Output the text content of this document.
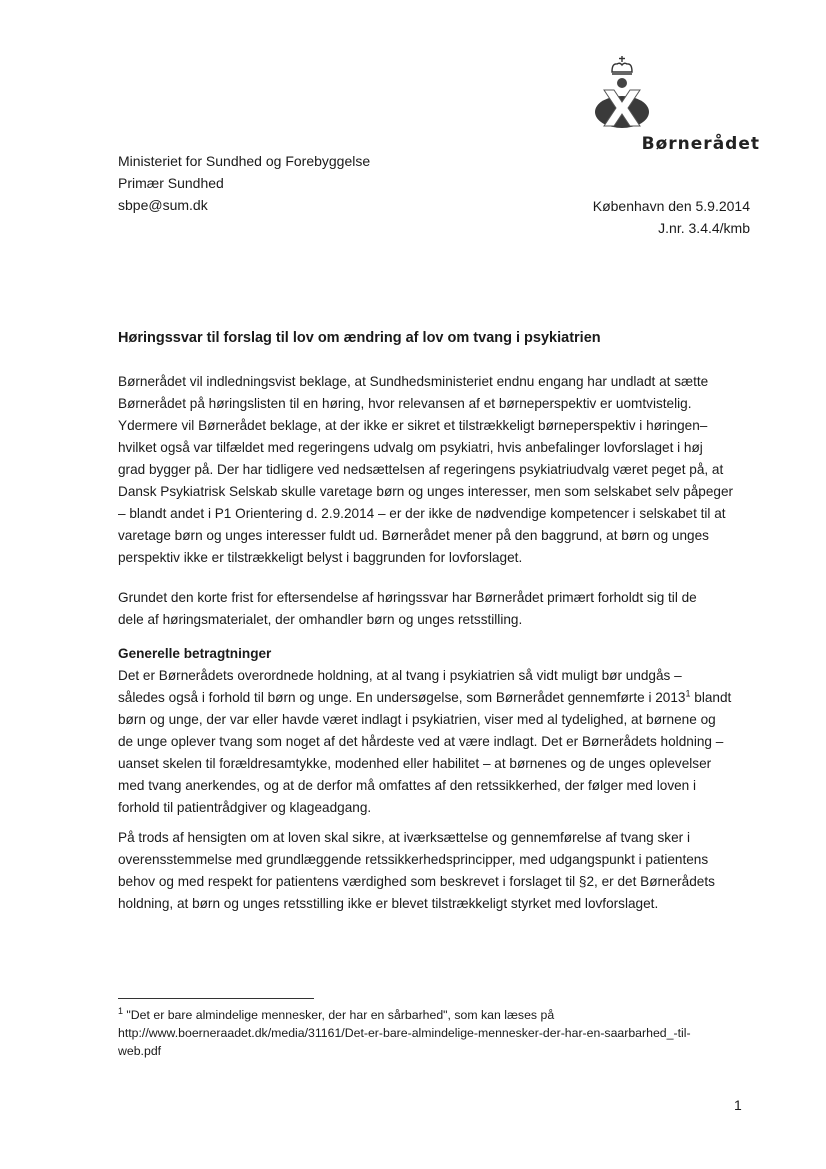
Børnerådet
Ministeriet for Sundhed og Forebyggelse
Primær Sundhed
sbpe@sum.dk	København den 5.9.2014
J.nr. 3.4.4/kmb
Høringssvar til forslag til lov om ændring af lov om tvang i psykiatrien
Børnerådet vil indledningsvist beklage, at Sundhedsministeriet endnu engang har undladt at sætte
Børnerådet på høringslisten til en høring, hvor relevansen af et børneperspektiv er uomtvistelig.
Ydermere vil Børnerådet beklage, at der ikke er sikret et tilstrækkeligt børneperspektiv i høringen–
hvilket også var tilfældet med regeringens udvalg om psykiatri, hvis anbefalinger lovforslaget i høj
grad bygger på. Der har tidligere ved nedsættelsen af regeringens psykiatriudvalg været peget på, at
Dansk Psykiatrisk Selskab skulle varetage børn og unges interesser, men som selskabet selv påpeger
– blandt andet i P1 Orientering d. 2.9.2014 – er der ikke de nødvendige kompetencer i selskabet til at
varetage børn og unges interesser fuldt ud. Børnerådet mener på den baggrund, at børn og unges
perspektiv ikke er tilstrækkeligt belyst i baggrunden for lovforslaget.
Grundet den korte frist for eftersendelse af høringssvar har Børnerådet primært forholdt sig til de
dele af høringsmaterialet, der omhandler børn og unges retsstilling.
Generelle betragtninger
Det er Børnerådets overordnede holdning, at al tvang i psykiatrien så vidt muligt bør undgås –
således også i forhold til børn og unge. En undersøgelse, som Børnerådet gennemførte i 2013$^1$ blandt
børn og unge, der var eller havde været indlagt i psykiatrien, viser med al tydelighed, at børnene og
de unge oplever tvang som noget af det hårdeste ved at være indlagt. Det er Børnerådets holdning –
uanset skelen til forældresamtykke, modenhed eller habilitet – at børnenes og de unges oplevelser
med tvang anerkendes, og at de derfor må omfattes af den retssikkerhed, der følger med loven i
forhold til patientrådgiver og klageadgang.
På trods af hensigten om at loven skal sikre, at iværksættelse og gennemførelse af tvang sker i
overensstemmelse med grundlæggende retssikkerhedsprincipper, med udgangspunkt i patientens
behov og med respekt for patientens værdighed som beskrevet i forslaget til §2, er det Børnerådets
holdning, at børn og unges retsstilling ikke er blevet tilstrækkeligt styrket med lovforslaget.
$^1$ "Det er bare almindelige mennesker, der har en sårbarhed", som kan læses på
http://www.boerneraadet.dk/media/31161/Det-er-bare-almindelige-mennesker-der-har-en-saarbarhed_-til-
web.pdf
1
